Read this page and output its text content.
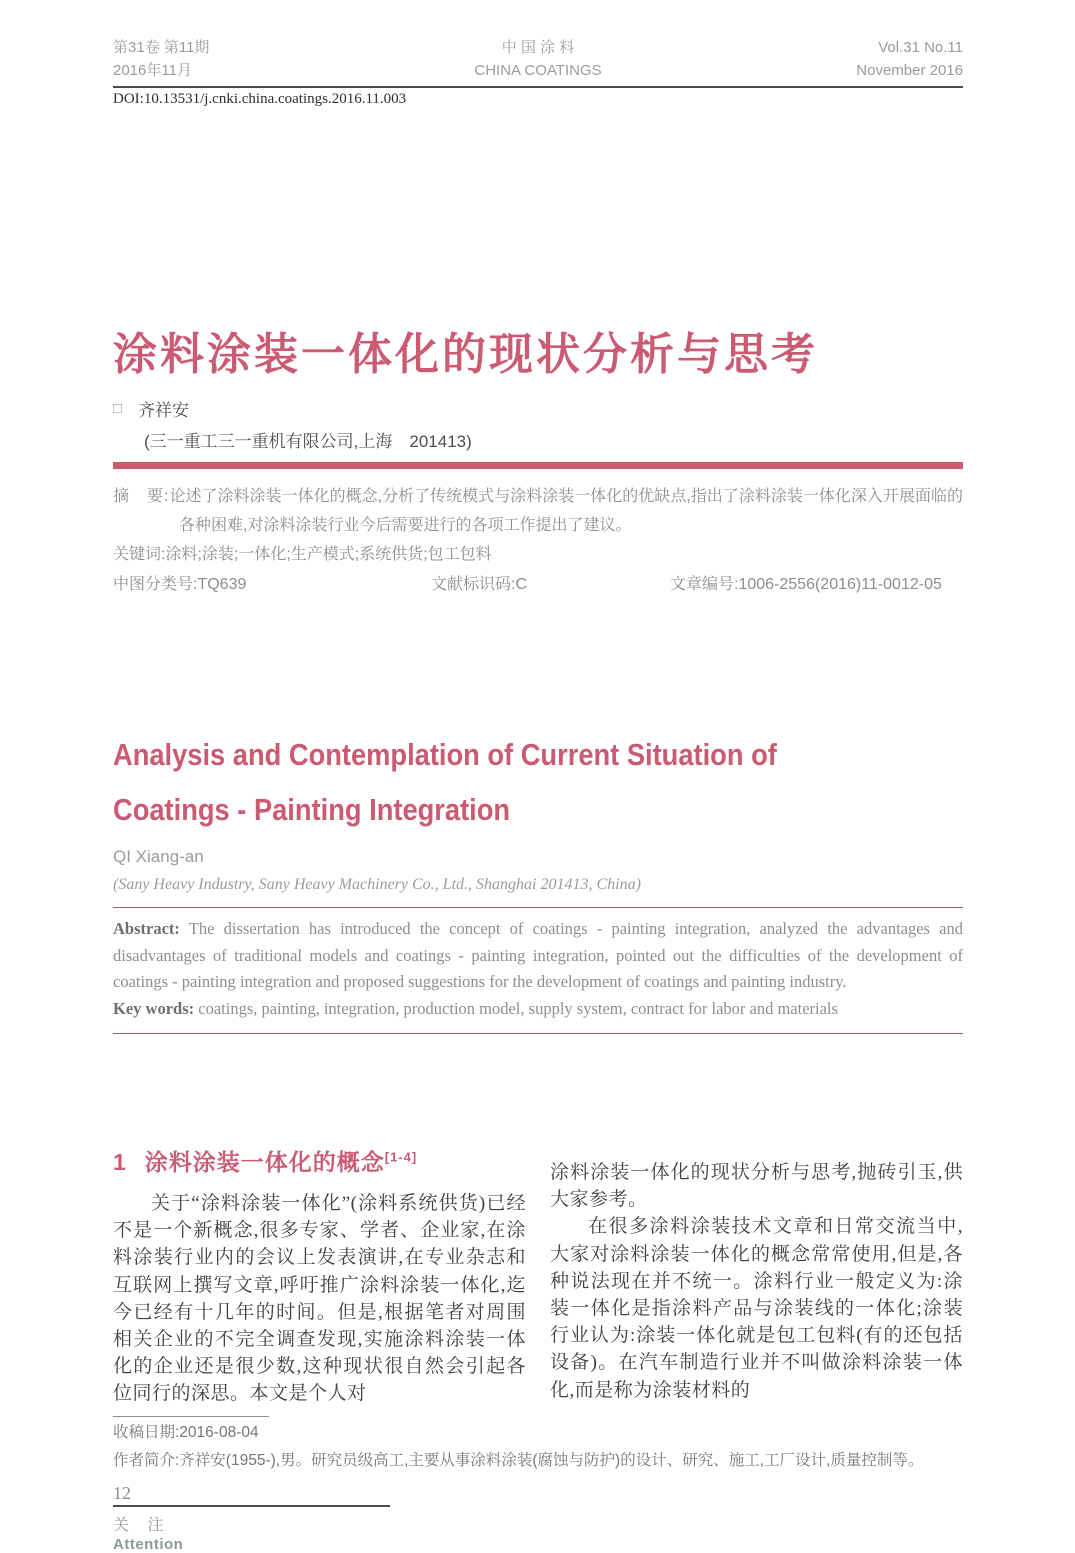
第31卷 第11期
2016年11月
中 国 涂 料
CHINA COATINGS
Vol.31 No.11
November 2016
DOI:10.13531/j.cnki.china.coatings.2016.11.003
涂料涂装一体化的现状分析与思考
□ 齐祥安
(三一重工三一重机有限公司,上海　201413)

摘　要:论述了涂料涂装一体化的概念,分析了传统模式与涂料涂装一体化的优缺点,指出了涂料涂装一体化深入开展面临的各种困难,对涂料涂装行业今后需要进行的各项工作提出了建议。

关键词:涂料;涂装;一体化;生产模式;系统供货;包工包料

中图分类号:TQ639	文献标识码:C	文章编号:1006-2556(2016)11-0012-05
Analysis and Contemplation of Current Situation of
Coatings - Painting Integration
QI Xiang-an
(Sany Heavy Industry, Sany Heavy Machinery Co., Ltd., Shanghai 201413, China)

Abstract: The dissertation has introduced the concept of coatings - painting integration, analyzed the advantages and disadvantages of traditional models and coatings - painting integration, pointed out the difficulties of the development of coatings - painting integration and proposed suggestions for the development of coatings and painting industry.

Key words: coatings, painting, integration, production model, supply system, contract for labor and materials

1 涂料涂装一体化的概念[1-4]

关于“涂料涂装一体化”(涂料系统供货)已经不是一个新概念,很多专家、学者、企业家,在涂料涂装行业内的会议上发表演讲,在专业杂志和互联网上撰写文章,呼吁推广涂料涂装一体化,迄今已经有十几年的时间。但是,根据笔者对周围相关企业的不完全调查发现,实施涂料涂装一体化的企业还是很少数,这种现状很自然会引起各位同行的深思。本文是个人对

涂料涂装一体化的现状分析与思考,抛砖引玉,供大家参考。

在很多涂料涂装技术文章和日常交流当中,大家对涂料涂装一体化的概念常常使用,但是,各种说法现在并不统一。涂料行业一般定义为:涂装一体化是指涂料产品与涂装线的一体化;涂装行业认为:涂装一体化就是包工包料(有的还包括设备)。在汽车制造行业并不叫做涂料涂装一体化,而是称为涂装材料的

收稿日期:2016-08-04

作者简介:齐祥安(1955-),男。研究员级高工,主要从事涂料涂装(腐蚀与防护)的设计、研究、施工,工厂设计,质量控制等。

12
关 注
Attention
